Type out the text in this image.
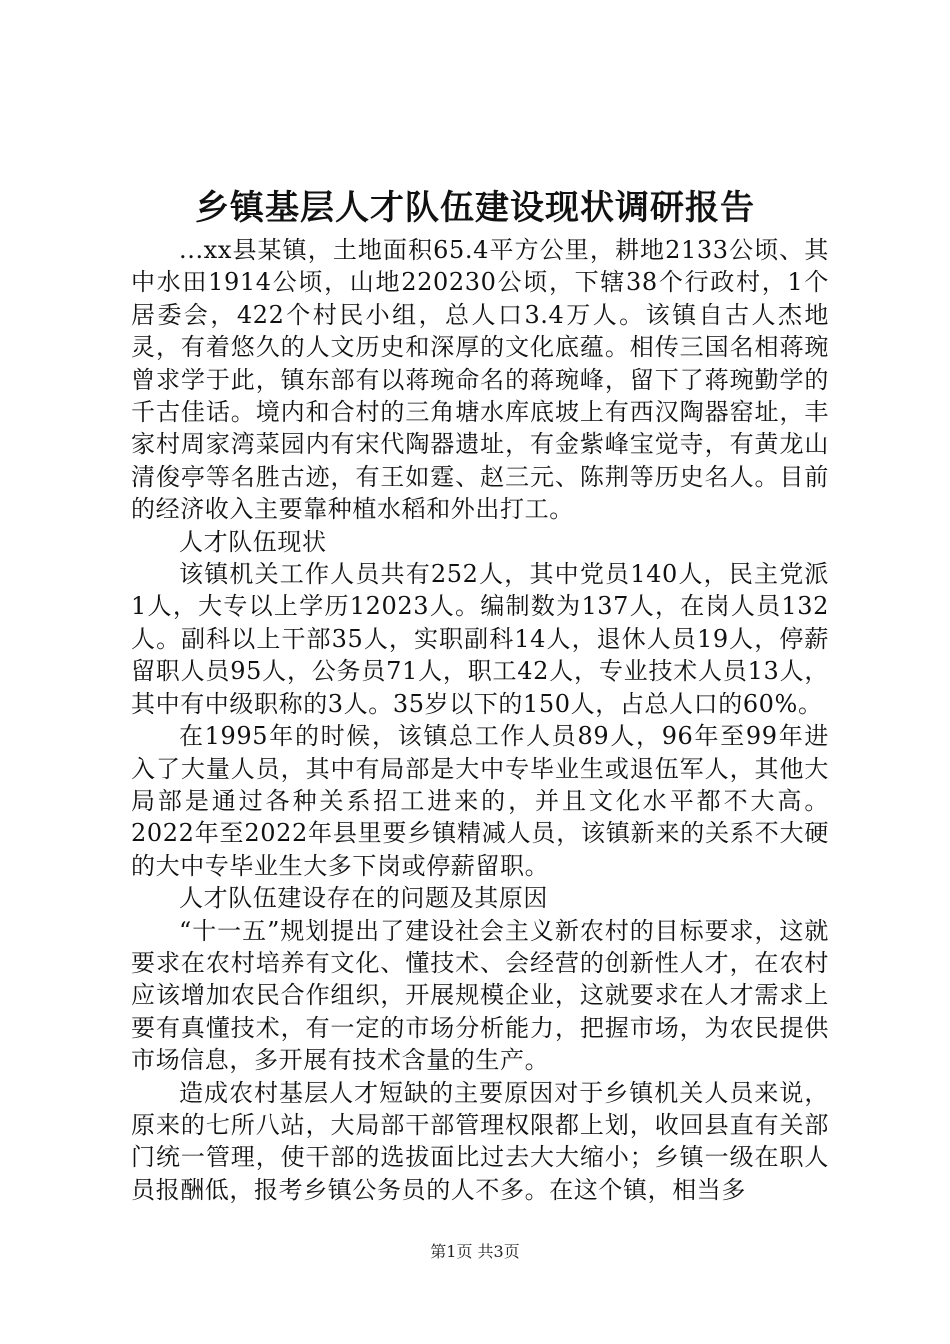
乡镇基层人才队伍建设现状调研报告

...xx县某镇，土地面积65.4平方公里，耕地2133公顷、其中水田1914公顷，山地220230公顷，下辖38个行政村，1个居委会，422个村民小组，总人口3.4万人。该镇自古人杰地灵，有着悠久的人文历史和深厚的文化底蕴。相传三国名相蒋琬曾求学于此，镇东部有以蒋琬命名的蒋琬峰，留下了蒋琬勤学的千古佳话。境内和合村的三角塘水库底坡上有西汉陶器窑址，丰家村周家湾菜园内有宋代陶器遗址，有金紫峰宝觉寺，有黄龙山清俊亭等名胜古迹，有王如霆、赵三元、陈荆等历史名人。目前的经济收入主要靠种植水稻和外出打工。

人才队伍现状

该镇机关工作人员共有252人，其中党员140人，民主党派1人，大专以上学历12023人。编制数为137人，在岗人员132人。副科以上干部35人，实职副科14人，退休人员19人，停薪留职人员95人，公务员71人，职工42人，专业技术人员13人，其中有中级职称的3人。35岁以下的150人，占总人口的60%。

在1995年的时候，该镇总工作人员89人，96年至99年进入了大量人员，其中有局部是大中专毕业生或退伍军人，其他大局部是通过各种关系招工进来的，并且文化水平都不大高。2022年至2022年县里要乡镇精减人员，该镇新来的关系不大硬的大中专毕业生大多下岗或停薪留职。

人才队伍建设存在的问题及其原因

“十一五”规划提出了建设社会主义新农村的目标要求，这就要求在农村培养有文化、懂技术、会经营的创新性人才，在农村应该增加农民合作组织，开展规模企业，这就要求在人才需求上要有真懂技术，有一定的市场分析能力，把握市场，为农民提供市场信息，多开展有技术含量的生产。

造成农村基层人才短缺的主要原因对于乡镇机关人员来说，原来的七所八站，大局部干部管理权限都上划，收回县直有关部门统一管理，使干部的选拔面比过去大大缩小；乡镇一级在职人员报酬低，报考乡镇公务员的人不多。在这个镇，相当多

第1页 共3页
